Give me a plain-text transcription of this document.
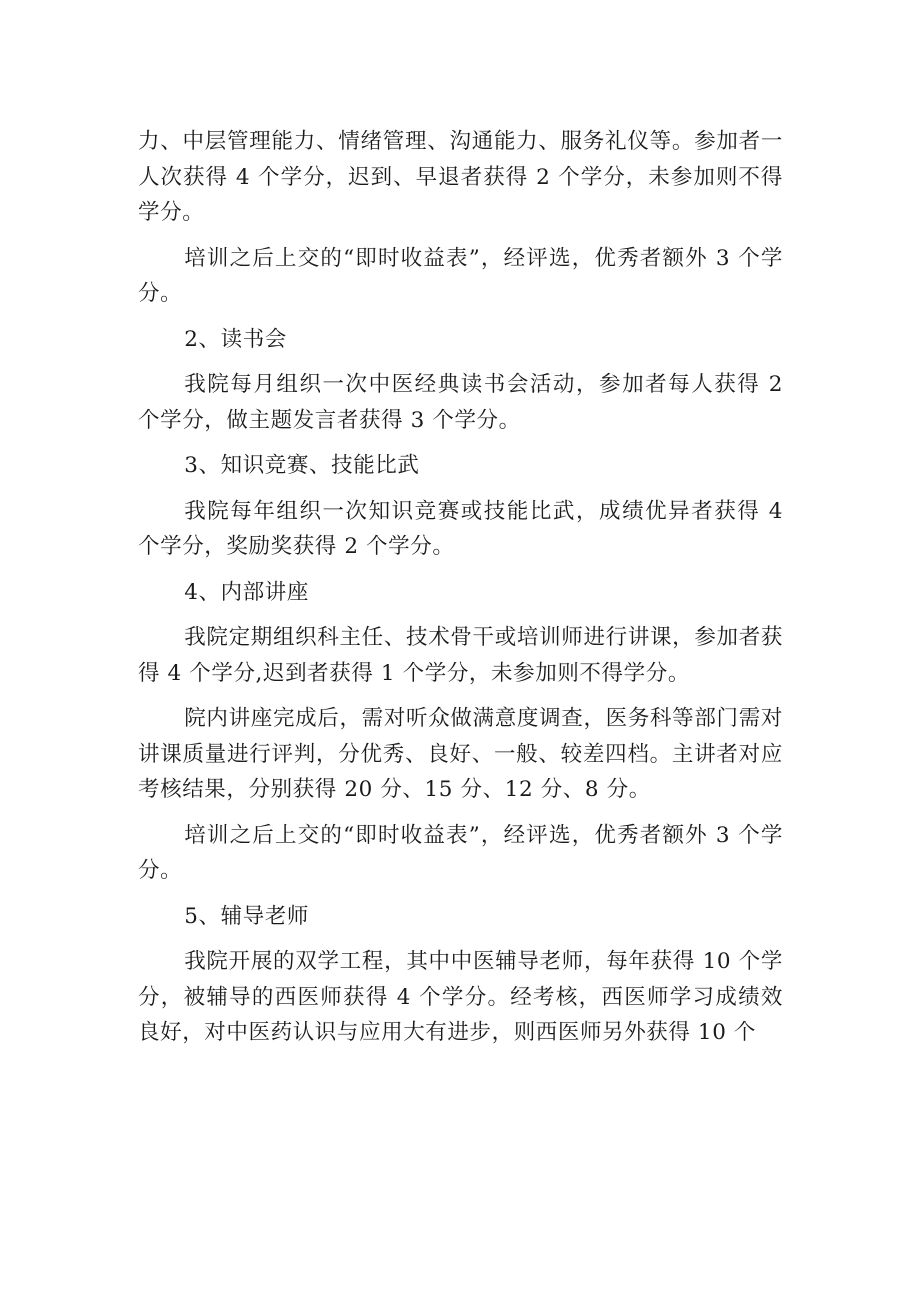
力、中层管理能力、情绪管理、沟通能力、服务礼仪等。参加者一人次获得 4 个学分，迟到、早退者获得 2 个学分，未参加则不得学分。

培训之后上交的“即时收益表”，经评选，优秀者额外 3 个学分。

2、读书会

我院每月组织一次中医经典读书会活动，参加者每人获得 2 个学分，做主题发言者获得 3 个学分。

3、知识竞赛、技能比武

我院每年组织一次知识竞赛或技能比武，成绩优异者获得 4 个学分，奖励奖获得 2 个学分。

4、内部讲座

我院定期组织科主任、技术骨干或培训师进行讲课，参加者获得 4 个学分,迟到者获得 1 个学分，未参加则不得学分。

院内讲座完成后，需对听众做满意度调查，医务科等部门需对讲课质量进行评判，分优秀、良好、一般、较差四档。主讲者对应考核结果，分别获得 20 分、15 分、12 分、8 分。

培训之后上交的“即时收益表”，经评选，优秀者额外 3 个学分。

5、辅导老师

我院开展的双学工程，其中中医辅导老师，每年获得 10 个学分，被辅导的西医师获得 4 个学分。经考核，西医师学习成绩效良好，对中医药认识与应用大有进步，则西医师另外获得 10 个
